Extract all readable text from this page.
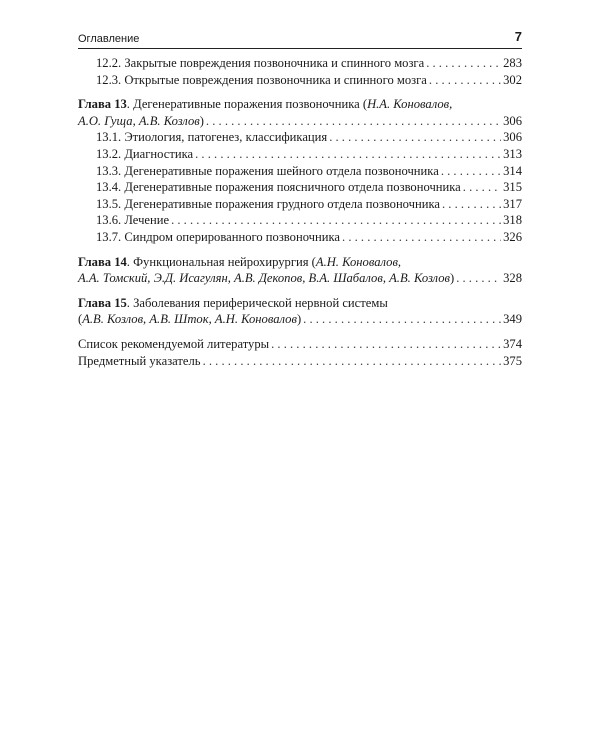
Оглавление	7
12.2. Закрытые повреждения позвоночника и спинного мозга . . .	283
12.3. Открытые повреждения позвоночника и спинного мозга . . .	302
Глава 13. Дегенеративные поражения позвоночника (Н.А. Коновалов,
А.О. Гуща, А.В. Козлов) . . .	306
13.1. Этиология, патогенез, классификация . . .	306
13.2. Диагностика . . .	313
13.3. Дегенеративные поражения шейного отдела позвоночника . . .	314
13.4. Дегенеративные поражения поясничного отдела позвоночника . . .	315
13.5. Дегенеративные поражения грудного отдела позвоночника . . .	317
13.6. Лечение . . .	318
13.7. Синдром оперированного позвоночника . . .	326
Глава 14. Функциональная нейрохирургия (А.Н. Коновалов,
А.А. Томский, Э.Д. Исагулян, А.В. Декопов, В.А. Шабалов, А.В. Козлов) . . .	328
Глава 15. Заболевания периферической нервной системы
(А.В. Козлов, А.В. Шток, А.Н. Коновалов) . . .	349
Список рекомендуемой литературы . . .	374
Предметный указатель . . .	375
